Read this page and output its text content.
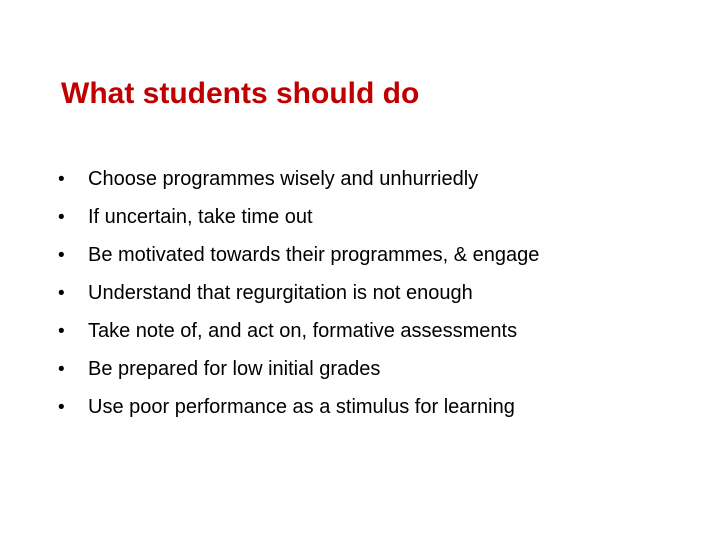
What students should do
•	Choose programmes wisely and unhurriedly
•	If uncertain, take time out
•	Be motivated towards their programmes, & engage
•	Understand that regurgitation is not enough
•	Take note of, and act on, formative assessments
•	Be prepared for low initial grades
•	Use poor performance as a stimulus for learning
